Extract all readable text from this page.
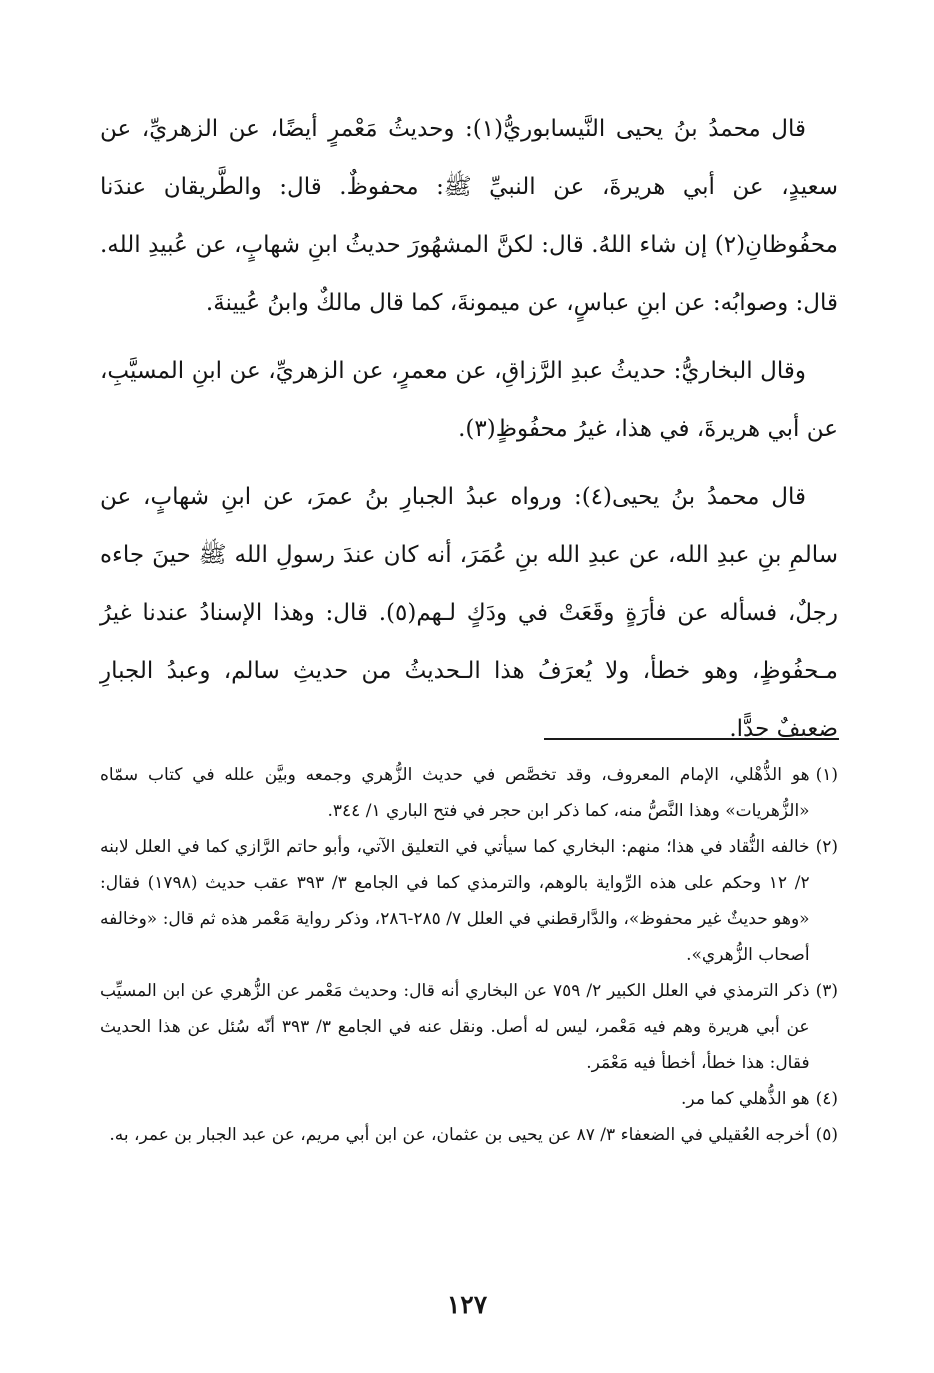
قال محمدُ بنُ يحيى النَّيسابوريُّ(١): وحديثُ مَعْمرٍ أيضًا، عن الزهريِّ، عن سعيدٍ، عن أبي هريرةَ، عن النبيِّ ﷺ: محفوظٌ. قال: والطَّريقان عندَنا محفُوظانِ(٢) إن شاء اللهُ. قال: لكنَّ المشهُورَ حديثُ ابنِ شهابٍ، عن عُبيدِ الله. قال: وصوابُه: عن ابنِ عباسٍ، عن ميمونةَ، كما قال مالكٌ وابنُ عُيينةَ.

وقال البخاريُّ: حديثُ عبدِ الرَّزاقِ، عن معمرٍ، عن الزهريِّ، عن ابنِ المسيَّبِ، عن أبي هريرةَ، في هذا، غيرُ محفُوظٍ(٣).

قال محمدُ بنُ يحيى(٤): ورواه عبدُ الجبارِ بنُ عمرَ، عن ابنِ شهابٍ، عن سالمِ بنِ عبدِ الله، عن عبدِ الله بنِ عُمَرَ، أنه كان عندَ رسولِ الله ﷺ حينَ جاءه رجلٌ، فسأله عن فأرَةٍ وقَعَتْ في ودَكٍ لـهم(٥). قال: وهذا الإسنادُ عندنا غيرُ مـحفُوظٍ، وهو خطأ، ولا يُعرَفُ هذا الـحديثُ من حديثِ سالم، وعبدُ الجبارِ ضعيفٌ جدًّا.

(١)
هو الذُّهْلي، الإمام المعروف، وقد تخصَّص في حديث الزُّهري وجمعه وبيَّن علله في كتاب سمّاه «الزُّهريات» وهذا النَّصُّ منه، كما ذكر ابن حجر في فتح الباري ١/ ٣٤٤.
(٢)
خالفه النُّقاد في هذا؛ منهم: البخاري كما سيأتي في التعليق الآتي، وأبو حاتم الرَّازي كما في العلل لابنه ٢/ ١٢ وحكم على هذه الرِّواية بالوهم، والترمذي كما في الجامع ٣/ ٣٩٣ عقب حديث (١٧٩٨) فقال: «وهو حديثٌ غير محفوظ»، والدَّارقطني في العلل ٧/ ٢٨٥-٢٨٦، وذكر رواية مَعْمر هذه ثم قال: «وخالفه أصحاب الزُّهري».
(٣)
ذكر الترمذي في العلل الكبير ٢/ ٧٥٩ عن البخاري أنه قال: وحديث مَعْمر عن الزُّهري عن ابن المسيِّب عن أبي هريرة وهم فيه مَعْمر، ليس له أصل. ونقل عنه في الجامع ٣/ ٣٩٣ أنّه سُئل عن هذا الحديث فقال: هذا خطأ، أخطأ فيه مَعْمَر.
(٤)
هو الذُّهلي كما مر.
(٥)
أخرجه العُقيلي في الضعفاء ٣/ ٨٧ عن يحيى بن عثمان، عن ابن أبي مريم، عن عبد الجبار بن عمر، به.
١٢٧
